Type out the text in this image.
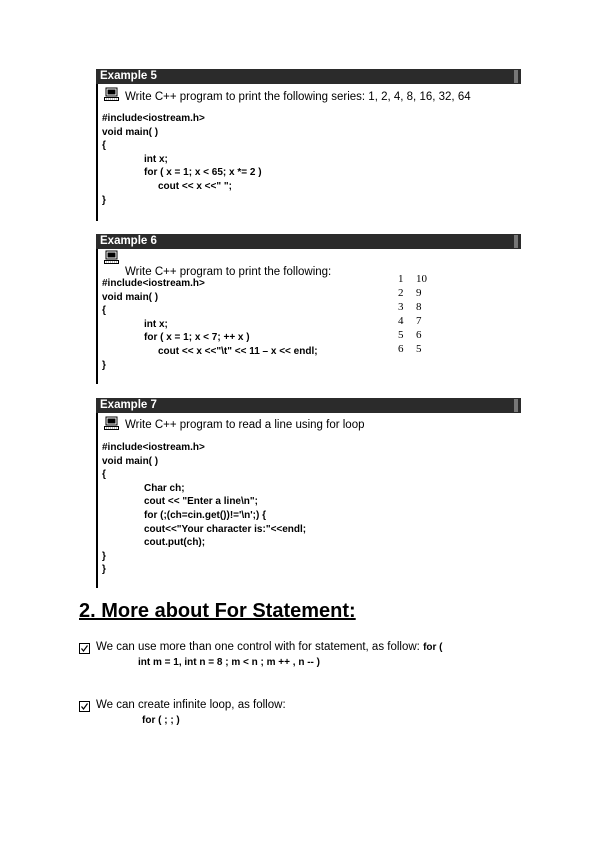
Example 5
Write C++ program to print the following series: 1, 2, 4, 8, 16, 32, 64
#include<iostream.h>
void main( )
{
int x;
for ( x = 1; x < 65; x *= 2 )
cout << x <<" ";
}
Example 6
Write C++ program to print the following:
#include<iostream.h>
void main( )
{
int x;
for ( x = 1; x < 7; ++ x )
cout << x <<"\t" << 11 – x << endl;
}
1 10
2 9
3 8
4 7
5 6
6 5
Example 7
Write C++ program to read a line using for loop
#include<iostream.h>
void main( )
{
Char ch;
cout << "Enter a line\n";
for (;(ch=cin.get())!='\n';) {
cout<<"Your character is:"<<endl;
cout.put(ch);
}
}
2. More about For Statement:
We can use more than one control with for statement, as follow: for (
int m = 1, int n = 8 ; m < n ; m ++ , n -- )
We can create infinite loop, as follow:
for ( ; ; )
